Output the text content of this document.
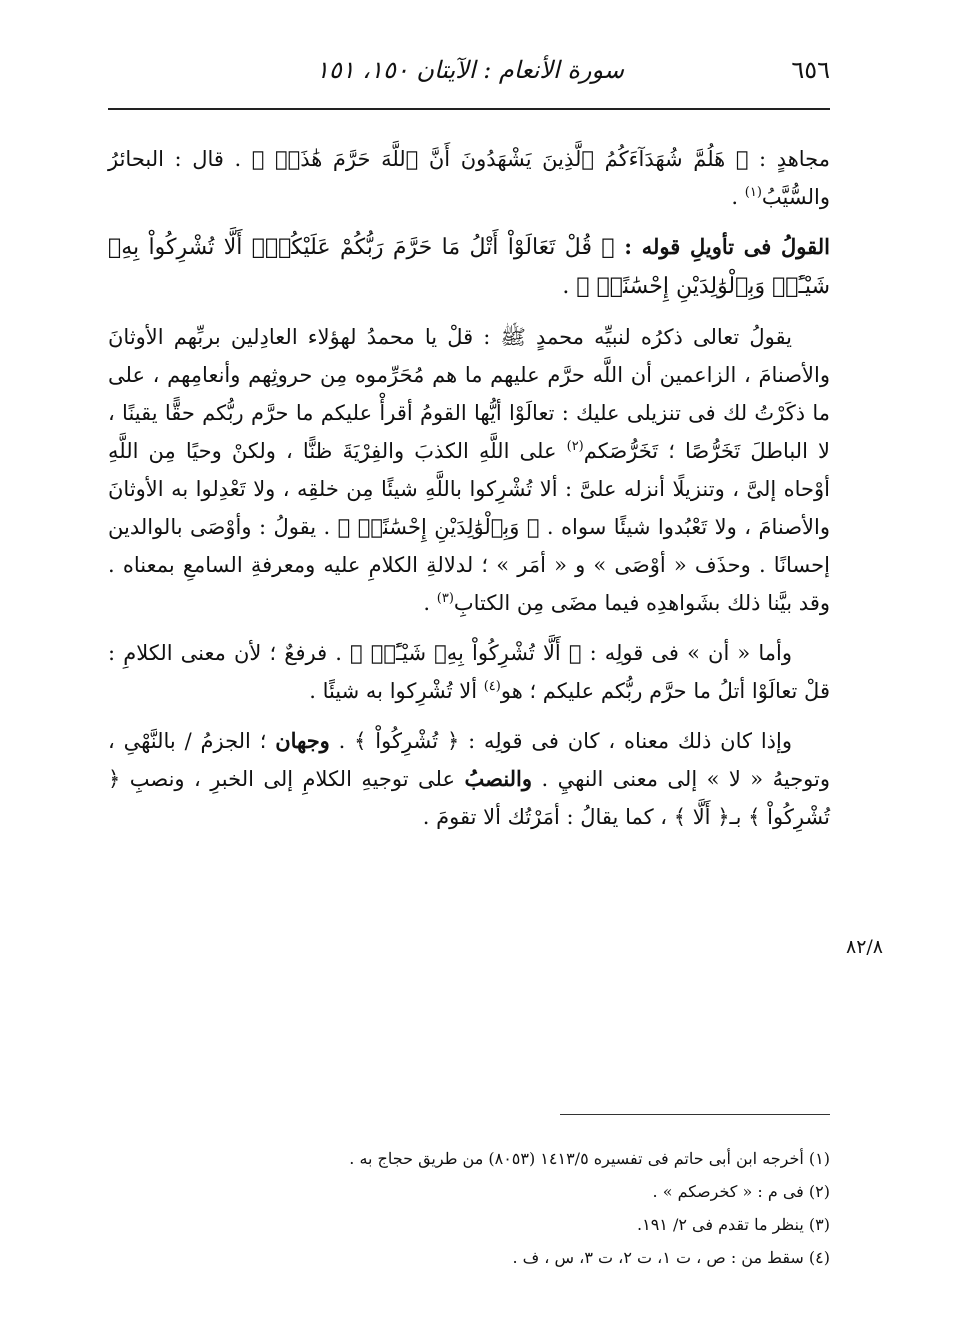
٦٥٦
سورة الأنعام : الآيتان ١٥٠، ١٥١

مجاهدٍ : ﴿ هَلُمَّ شُهَدَآءَكُمُ ٱلَّذِينَ يَشْهَدُونَ أَنَّ ٱللَّهَ حَرَّمَ هَٰذَاۖ ﴾ . قال : البحائرُ والسُّيَّبُ$^{(١)}$ .

القولُ فى تأويلِ قوله : ﴿ قُلْ تَعَالَوْاْ أَتْلُ مَا حَرَّمَ رَبُّكُمْ عَلَيْكُمْۖ أَلَّا تُشْرِكُواْ بِهِۦ شَيْـًٔاۖ وَبِٱلْوَٰلِدَيْنِ إِحْسَٰنًاۖ ﴾ .

يقولُ تعالى ذكرُه لنبيِّه محمدٍ ﷺ : قلْ يا محمدُ لهؤلاء العادِلين بربِّهم الأوثانَ والأصنامَ ، الزاعمين أن اللَّه حرَّم عليهم ما هم مُحَرِّموه مِن حروثِهم وأنعامِهم ، على ما ذكَرْتُ لك فى تنزيلى عليك : تعالَوْا أيُّها القومُ أقرأْ عليكم ما حرَّم ربُّكم حقًّا يقينًا ، لا الباطلَ تَخَرُّصًا ؛ تَخَرُّصَكم$^{(٢)}$ على اللَّهِ الكذبَ والفِرْيَةَ ظنًّا ، ولكنْ وحيًا مِن اللَّهِ أوْحاه إلىَّ ، وتنزيلًا أنزله علىَّ : ألا تُشْرِكوا باللَّهِ شيئًا مِن خلقِه ، ولا تَعْدِلوا به الأوثانَ والأصنامَ ، ولا تَعْبُدوا شيئًا سواه . ﴿ وَبِٱلْوَٰلِدَيْنِ إِحْسَٰنًاۖ ﴾ . يقولُ : وأوْصَى بالوالدين إحسانًا . وحذَف « أوْصَى » و « أمَر » ؛ لدلالةِ الكلامِ عليه ومعرفةِ السامعِ بمعناه . وقد بيَّنا ذلك بشَواهدِه فيما مضَى مِن الكتابِ$^{(٣)}$ .

وأما « أن » فى قولِه : ﴿ أَلَّا تُشْرِكُواْ بِهِۦ شَيْـًٔاۖ ﴾ . فرفعٌ ؛ لأن معنى الكلامِ : قلْ تعالَوْا أتلُ ما حرَّم ربُّكم عليكم ؛ هو$^{(٤)}$ ألا تُشْرِكوا به شيئًا .

وإذا كان ذلك معناه ، كان فى قولِه : ﴿ تُشْرِكُواْ ﴾ . وجهان ؛ الجزمُ / بالنَّهْىِ ، وتوجيهُ « لا » إلى معنى النهيِ . والنصبُ على توجيهِ الكلامِ إلى الخبرِ ، ونصبِ ﴿ تُشْرِكُواْ ﴾ بـ﴿ أَلَّا ﴾ ، كما يقالُ : أمَرْتُك ألا تقومَ .

٨٢/٨

(١) أخرجه ابن أبى حاتم فى تفسيره ١٤١٣/٥ (٨٠٥٣) من طريق حجاج به .

(٢) فى م : « كخرصكم » .

(٣) ينظر ما تقدم فى ٢/ ١٩١.

(٤) سقط من : ص ، ت ١، ت ٢، ت ٣، س ، ف .
